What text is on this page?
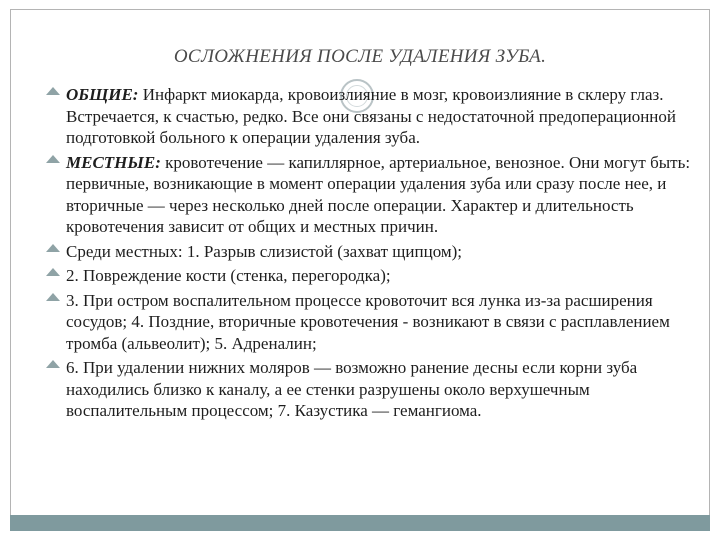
ОСЛОЖНЕНИЯ ПОСЛЕ УДАЛЕНИЯ ЗУБА.
ОБЩИЕ: Инфаркт миокарда, кровоизлияние в мозг, кровоизлияние в склеру глаз. Встречается, к счастью, редко. Все они связаны с недостаточной предоперационной подготовкой больного к операции удаления зуба.
МЕСТНЫЕ: кровотечение — капиллярное, артериальное, венозное. Они могут быть: первичные, возникающие в момент операции удаления зуба или сразу после нее, и вторичные — через несколько дней после операции. Характер и длительность кровотечения зависит от общих и местных причин.
Среди местных: 1. Разрыв слизистой (захват щипцом);
2. Повреждение кости (стенка, перегородка);
3. При остром воспалительном процессе кровоточит вся лунка из-за расширения сосудов; 4. Поздние, вторичные кровотечения - возникают в связи с расплавлением тромба (альвеолит); 5. Адреналин;
6. При удалении нижних моляров — возможно ранение десны если корни зуба находились близко к каналу, а ее стенки разрушены около верхушечным воспалительным процессом; 7. Казустика — гемангиома.
